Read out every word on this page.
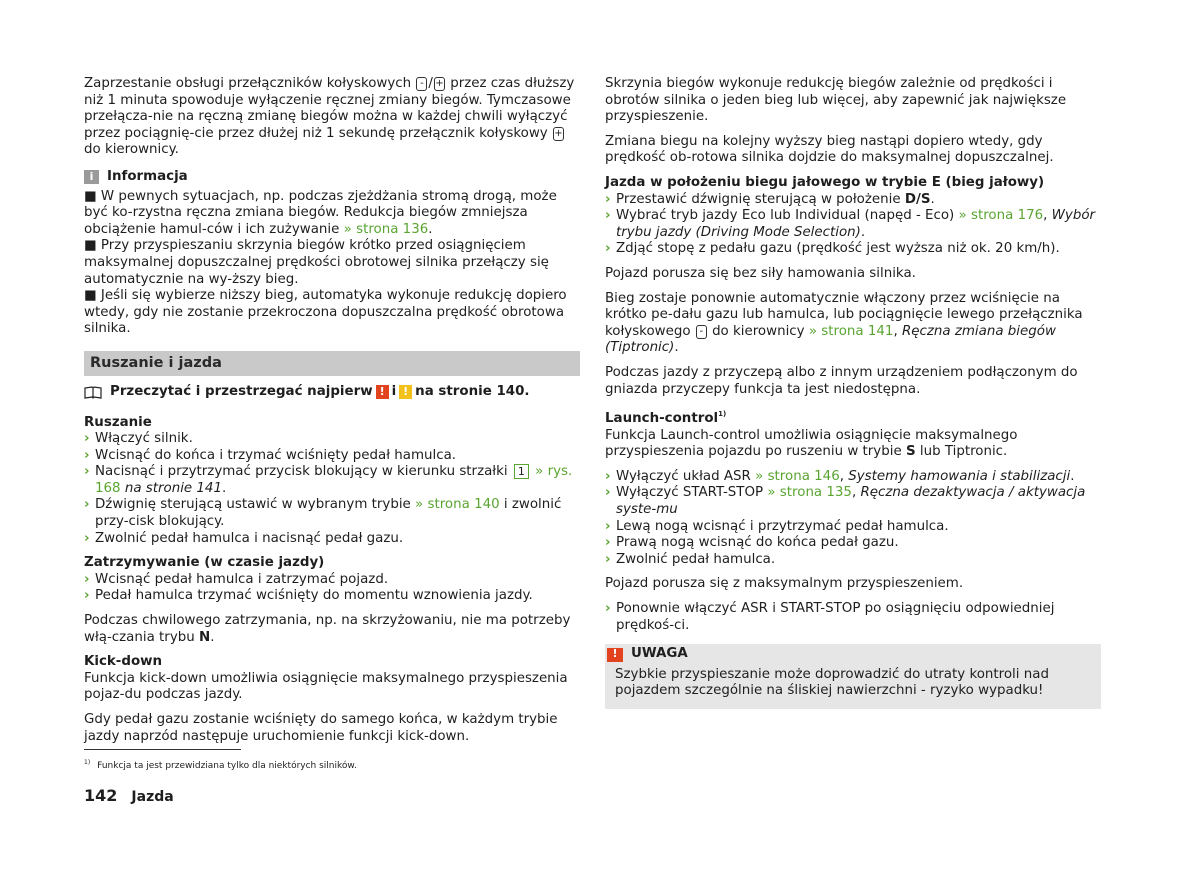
Zaprzestanie obsługi przełączników kołyskowych - / + przez czas dłuższy niż 1 minuta spowoduje wyłączenie ręcznej zmiany biegów. Tymczasowe przełącza-nie na ręczną zmianę biegów można w każdej chwili wyłączyć przez pociągnię-cie przez dłużej niż 1 sekundę przełącznik kołyskowy + do kierownicy.

i	Informacja

■ W pewnych sytuacjach, np. podczas zjeżdżania stromą drogą, może być ko-rzystna ręczna zmiana biegów. Redukcja biegów zmniejsza obciążenie hamul-ców i ich zużywanie » strona 136.

■ Przy przyspieszaniu skrzynia biegów krótko przed osiągnięciem maksymalnej dopuszczalnej prędkości obrotowej silnika przełączy się automatycznie na wy-ższy bieg.

■ Jeśli się wybierze niższy bieg, automatyka wykonuje redukcję dopiero wtedy, gdy nie zostanie przekroczona dopuszczalna prędkość obrotowa silnika.

Ruszanie i jazda
Przeczytać i przestrzegać najpierw ! i ! na stronie 140.

Ruszanie

› Włączyć silnik.

› Wcisnąć do końca i trzymać wciśnięty pedał hamulca.

› Nacisnąć i przytrzymać przycisk blokujący w kierunku strzałki 1 » rys. 168 na stronie 141.

› Dźwignię sterującą ustawić w wybranym trybie » strona 140 i zwolnić przy-cisk blokujący.

› Zwolnić pedał hamulca i nacisnąć pedał gazu.

Zatrzymywanie (w czasie jazdy)

› Wcisnąć pedał hamulca i zatrzymać pojazd.

› Pedał hamulca trzymać wciśnięty do momentu wznowienia jazdy.

Podczas chwilowego zatrzymania, np. na skrzyżowaniu, nie ma potrzeby włą-czania trybu N.

Kick-down

Funkcja kick-down umożliwia osiągnięcie maksymalnego przyspieszenia pojaz-du podczas jazdy.

Gdy pedał gazu zostanie wciśnięty do samego końca, w każdym trybie jazdy naprzód następuje uruchomienie funkcji kick-down.

Skrzynia biegów wykonuje redukcję biegów zależnie od prędkości i obrotów silnika o jeden bieg lub więcej, aby zapewnić jak największe przyspieszenie.

Zmiana biegu na kolejny wyższy bieg nastąpi dopiero wtedy, gdy prędkość ob-rotowa silnika dojdzie do maksymalnej dopuszczalnej.

Jazda w położeniu biegu jałowego w trybie E (bieg jałowy)

› Przestawić dźwignię sterującą w położenie D/S.

› Wybrać tryb jazdy Eco lub Individual (napęd - Eco) » strona 176, Wybór trybu jazdy (Driving Mode Selection).

› Zdjąć stopę z pedału gazu (prędkość jest wyższa niż ok. 20 km/h).

Pojazd porusza się bez siły hamowania silnika.

Bieg zostaje ponownie automatycznie włączony przez wciśnięcie na krótko pe-dału gazu lub hamulca, lub pociągnięcie lewego przełącznika kołyskowego - do kierownicy » strona 141, Ręczna zmiana biegów (Tiptronic).

Podczas jazdy z przyczepą albo z innym urządzeniem podłączonym do gniazda przyczepy funkcja ta jest niedostępna.

Launch-control$^{1)}$

Funkcja Launch-control umożliwia osiągnięcie maksymalnego przyspieszenia pojazdu po ruszeniu w trybie S lub Tiptronic.

› Wyłączyć układ ASR » strona 146, Systemy hamowania i stabilizacji.

› Wyłączyć START-STOP » strona 135, Ręczna dezaktywacja / aktywacja syste-mu

› Lewą nogą wcisnąć i przytrzymać pedał hamulca.

› Prawą nogą wcisnąć do końca pedał gazu.

› Zwolnić pedał hamulca.

Pojazd porusza się z maksymalnym przyspieszeniem.

› Ponownie włączyć ASR i START-STOP po osiągnięciu odpowiedniej prędkoś-ci.

!	UWAGA

Szybkie przyspieszanie może doprowadzić do utraty kontroli nad pojazdem szczególnie na śliskiej nawierzchni - ryzyko wypadku!

$^{1)}$ Funkcja ta jest przewidziana tylko dla niektórych silników.
142 Jazda
